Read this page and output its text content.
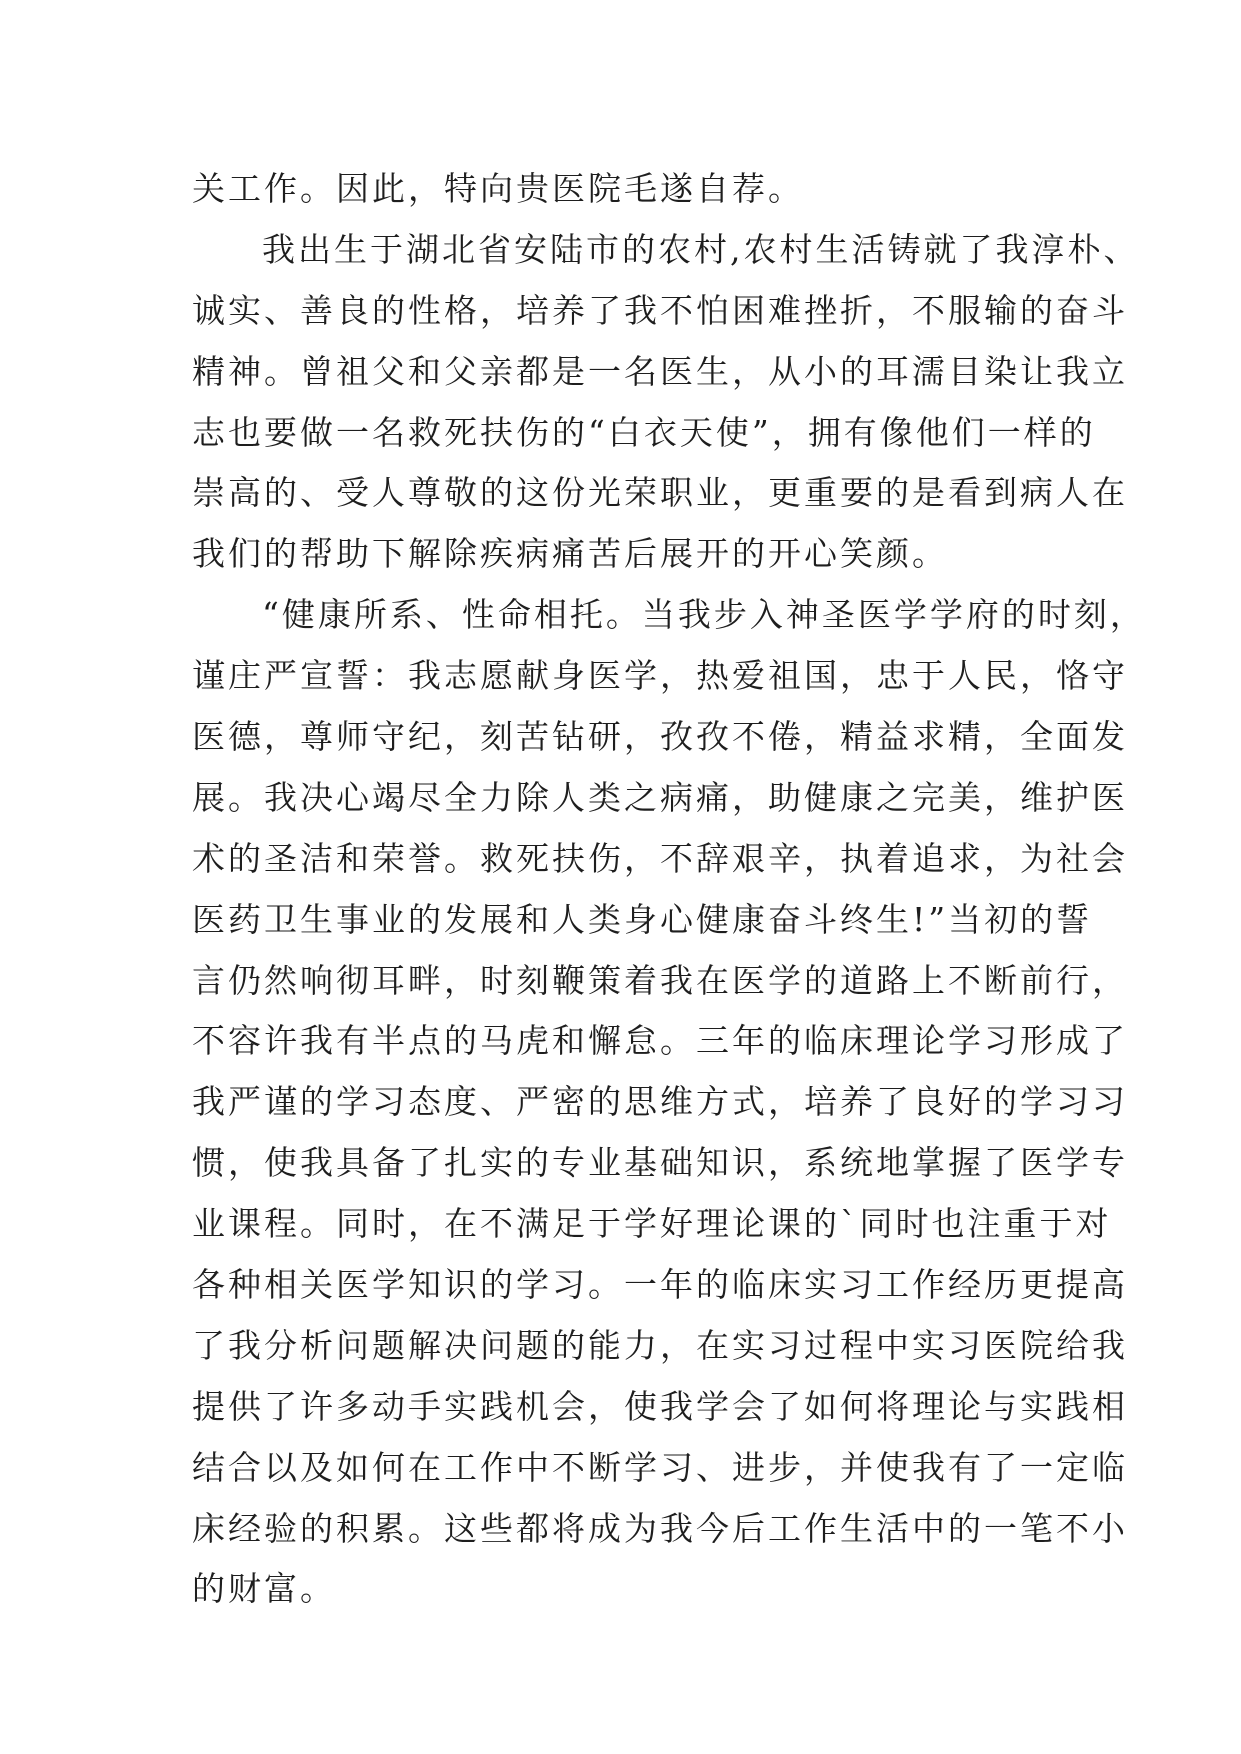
关工作。因此，特向贵医院毛遂自荐。
我出生于湖北省安陆市的农村,农村生活铸就了我淳朴、
诚实、善良的性格，培养了我不怕困难挫折，不服输的奋斗
精神。曾祖父和父亲都是一名医生，从小的耳濡目染让我立
志也要做一名救死扶伤的“白衣天使”，拥有像他们一样的
崇高的、受人尊敬的这份光荣职业，更重要的是看到病人在
我们的帮助下解除疾病痛苦后展开的开心笑颜。
“健康所系、性命相托。当我步入神圣医学学府的时刻，
谨庄严宣誓：我志愿献身医学，热爱祖国，忠于人民，恪守
医德，尊师守纪，刻苦钻研，孜孜不倦，精益求精，全面发
展。我决心竭尽全力除人类之病痛，助健康之完美，维护医
术的圣洁和荣誉。救死扶伤，不辞艰辛，执着追求，为社会
医药卫生事业的发展和人类身心健康奋斗终生!”当初的誓
言仍然响彻耳畔，时刻鞭策着我在医学的道路上不断前行，
不容许我有半点的马虎和懈怠。三年的临床理论学习形成了
我严谨的学习态度、严密的思维方式，培养了良好的学习习
惯，使我具备了扎实的专业基础知识，系统地掌握了医学专
业课程。同时，在不满足于学好理论课的`同时也注重于对
各种相关医学知识的学习。一年的临床实习工作经历更提高
了我分析问题解决问题的能力，在实习过程中实习医院给我
提供了许多动手实践机会，使我学会了如何将理论与实践相
结合以及如何在工作中不断学习、进步，并使我有了一定临
床经验的积累。这些都将成为我今后工作生活中的一笔不小
的财富。
